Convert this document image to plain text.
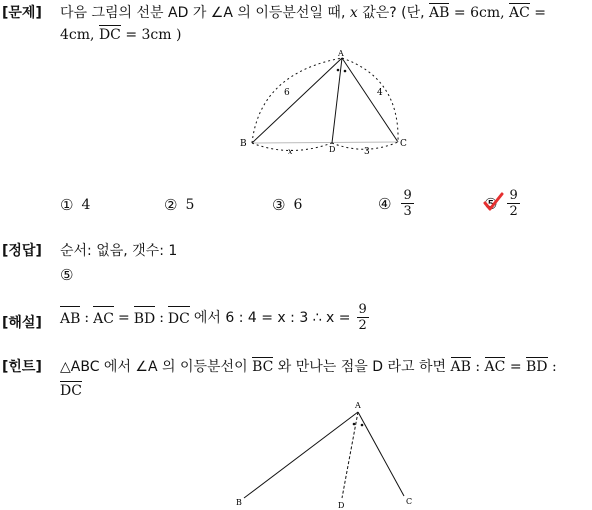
[문제] 다음 그림의 선분 AD 가 ∠A 의 이등분선일 때, x 값은? (단, AB = 6cm, AC =
4cm, DC = 3cm )
A
B	C
D
6	4
x	3
① 4	② 5	③ 6	④ $\frac{9}{3}$	⑤ $\frac{9}{2}$
[정답] 순서: 없음, 갯수: 1
⑤
[해설] AB : AC = BD : DC 에서 6 : 4 = x : 3 ∴ $x = \frac{9}{2}$
[힌트] △ABC 에서 ∠A 의 이등분선이 BC 와 만나는 점을 D 라고 하면 AB : AC = BD :
DC
A
B	C
D
